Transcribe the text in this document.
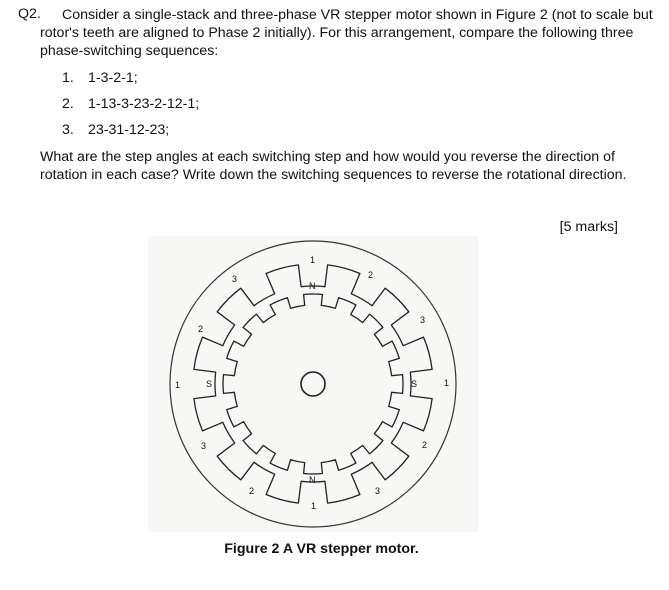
Q2. Consider a single-stack and three-phase VR stepper motor shown in Figure 2 (not to scale but
rotor's teeth are aligned to Phase 2 initially). For this arrangement, compare the following three
phase-switching sequences:
1. 1-3-2-1;
2. 1-13-3-23-2-12-1;
3. 23-31-12-23;
What are the step angles at each switching step and how would you reverse the direction of
rotation in each case? Write down the switching sequences to reverse the rotational direction.
[5 marks]
1
2
3
1
2
3
1
2
3
1
2
3
N
N
S	S
Figure 2 A VR stepper motor.
